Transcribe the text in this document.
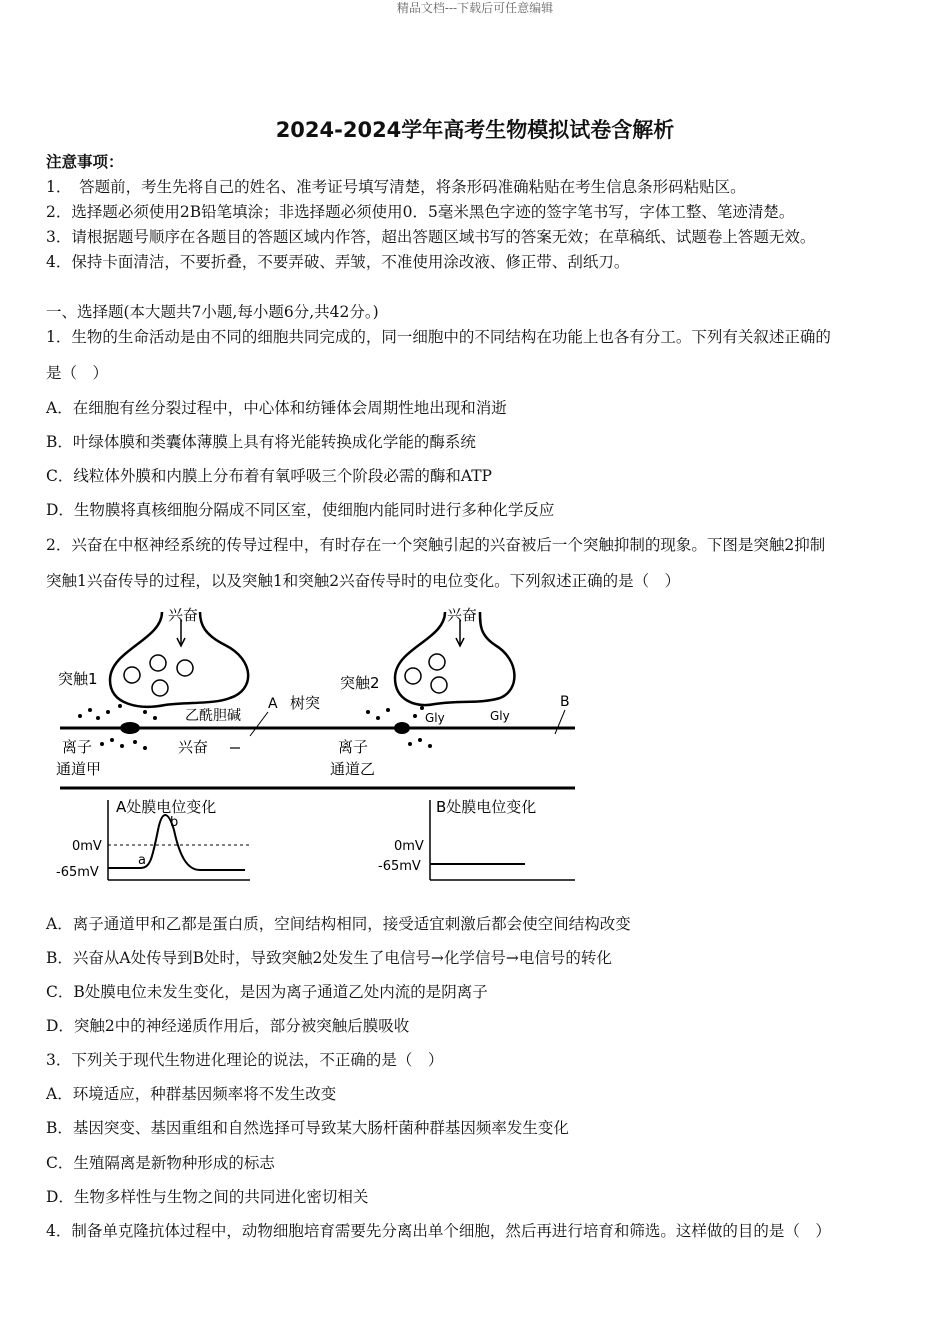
精品文档---下载后可任意编辑
2024-2024学年高考生物模拟试卷含解析
注意事项：
1．　答题前，考生先将自己的姓名、准考证号填写清楚，将条形码准确粘贴在考生信息条形码粘贴区。
2．选择题必须使用2B铅笔填涂；非选择题必须使用0．5毫米黑色字迹的签字笔书写，字体工整、笔迹清楚。
3．请根据题号顺序在各题目的答题区域内作答，超出答题区域书写的答案无效；在草稿纸、试题卷上答题无效。
4．保持卡面清洁，不要折叠，不要弄破、弄皱，不准使用涂改液、修正带、刮纸刀。
一、选择题(本大题共7小题,每小题6分,共42分。)
1．生物的生命活动是由不同的细胞共同完成的，同一细胞中的不同结构在功能上也各有分工。下列有关叙述正确的
是（　）
A．在细胞有丝分裂过程中，中心体和纺锤体会周期性地出现和消逝
B．叶绿体膜和类囊体薄膜上具有将光能转换成化学能的酶系统
C．线粒体外膜和内膜上分布着有氧呼吸三个阶段必需的酶和ATP
D．生物膜将真核细胞分隔成不同区室，使细胞内能同时进行多种化学反应
2．兴奋在中枢神经系统的传导过程中，有时存在一个突触引起的兴奋被后一个突触抑制的现象。下图是突触2抑制
突触1兴奋传导的过程，以及突触1和突触2兴奋传导时的电位变化。下列叙述正确的是（　）
兴奋	兴奋
突触1	突触2
乙酰胆碱
A 树突	B
Gly	Gly
离子
通道甲
兴奋	离子
通道乙
A处膜电位变化
0mV
-65mV
a
b
B处膜电位变化
0mV
-65mV
A．离子通道甲和乙都是蛋白质，空间结构相同，接受适宜刺激后都会使空间结构改变
B．兴奋从A处传导到B处时，导致突触2处发生了电信号→化学信号→电信号的转化
C．B处膜电位未发生变化，是因为离子通道乙处内流的是阴离子
D．突触2中的神经递质作用后，部分被突触后膜吸收
3．下列关于现代生物进化理论的说法，不正确的是（　）
A．环境适应，种群基因频率将不发生改变
B．基因突变、基因重组和自然选择可导致某大肠杆菌种群基因频率发生变化
C．生殖隔离是新物种形成的标志
D．生物多样性与生物之间的共同进化密切相关
4．制备单克隆抗体过程中，动物细胞培育需要先分离出单个细胞，然后再进行培育和筛选。这样做的目的是（　）
